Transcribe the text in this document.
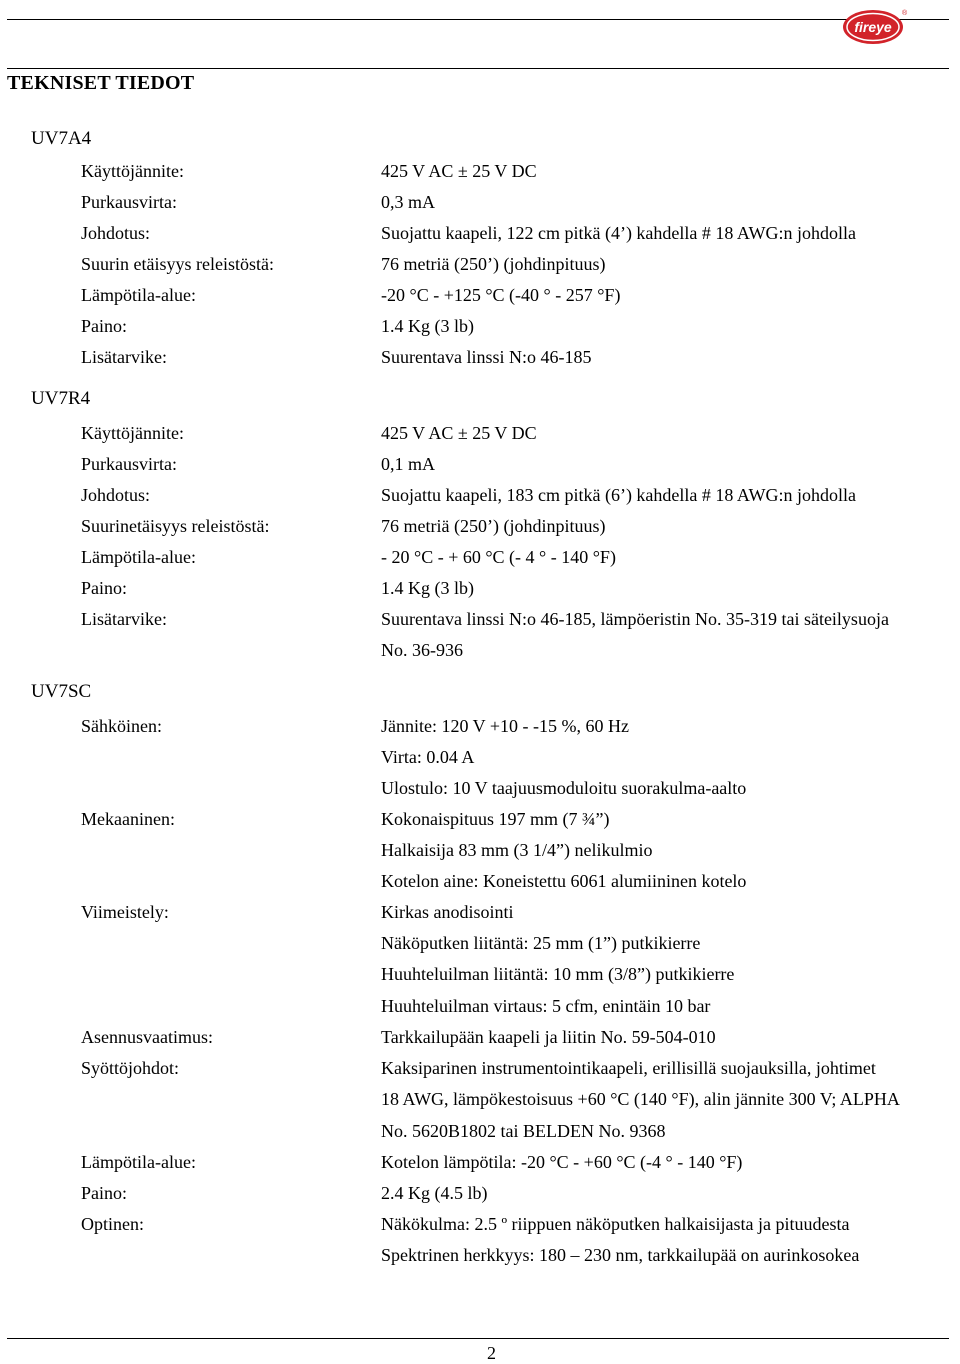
fireye
®
TEKNISET TIEDOT
UV7A4
Käyttöjännite:	425 V AC ± 25 V DC
Purkausvirta:	0,3 mA
Johdotus:	Suojattu kaapeli, 122 cm pitkä (4’) kahdella # 18 AWG:n johdolla
Suurin etäisyys releistöstä:	76 metriä (250’) (johdinpituus)
Lämpötila-alue:	-20 °C - +125 °C (-40 ° - 257 °F)
Paino:	1.4 Kg (3 lb)
Lisätarvike:	Suurentava linssi N:o 46-185
UV7R4
Käyttöjännite:	425 V AC ± 25 V DC
Purkausvirta:	0,1 mA
Johdotus:	Suojattu kaapeli, 183 cm pitkä (6’) kahdella # 18 AWG:n johdolla
Suurinetäisyys releistöstä:	76 metriä (250’) (johdinpituus)
Lämpötila-alue:	- 20 °C - + 60 °C (- 4 ° - 140 °F)
Paino:	1.4 Kg (3 lb)
Lisätarvike:	Suurentava linssi N:o 46-185, lämpöeristin No. 35-319 tai säteilysuoja
No. 36-936
UV7SC
Sähköinen:	Jännite: 120 V +10 - -15 %, 60 Hz
Virta: 0.04 A
Ulostulo: 10 V taajuusmoduloitu suorakulma-aalto
Mekaaninen:	Kokonaispituus 197 mm (7 ¾”)
Halkaisija 83 mm (3 1/4”) nelikulmio
Kotelon aine: Koneistettu 6061 alumiininen kotelo
Viimeistely:	Kirkas anodisointi
Näköputken liitäntä: 25 mm (1”) putkikierre
Huuhteluilman liitäntä: 10 mm (3/8”) putkikierre
Huuhteluilman virtaus: 5 cfm, enintäin 10 bar
Asennusvaatimus:	Tarkkailupään kaapeli ja liitin No. 59-504-010
Syöttöjohdot:	Kaksiparinen instrumentointikaapeli, erillisillä suojauksilla, johtimet
18 AWG, lämpökestoisuus +60 °C (140 °F), alin jännite 300 V; ALPHA
No. 5620B1802 tai BELDEN No. 9368
Lämpötila-alue:	Kotelon lämpötila: -20 °C - +60 °C (-4 ° - 140 °F)
Paino:	2.4 Kg (4.5 lb)
Optinen:	Näkökulma: 2.5 º riippuen näköputken halkaisijasta ja pituudesta
Spektrinen herkkyys: 180 – 230 nm, tarkkailupää on aurinkosokea
2
